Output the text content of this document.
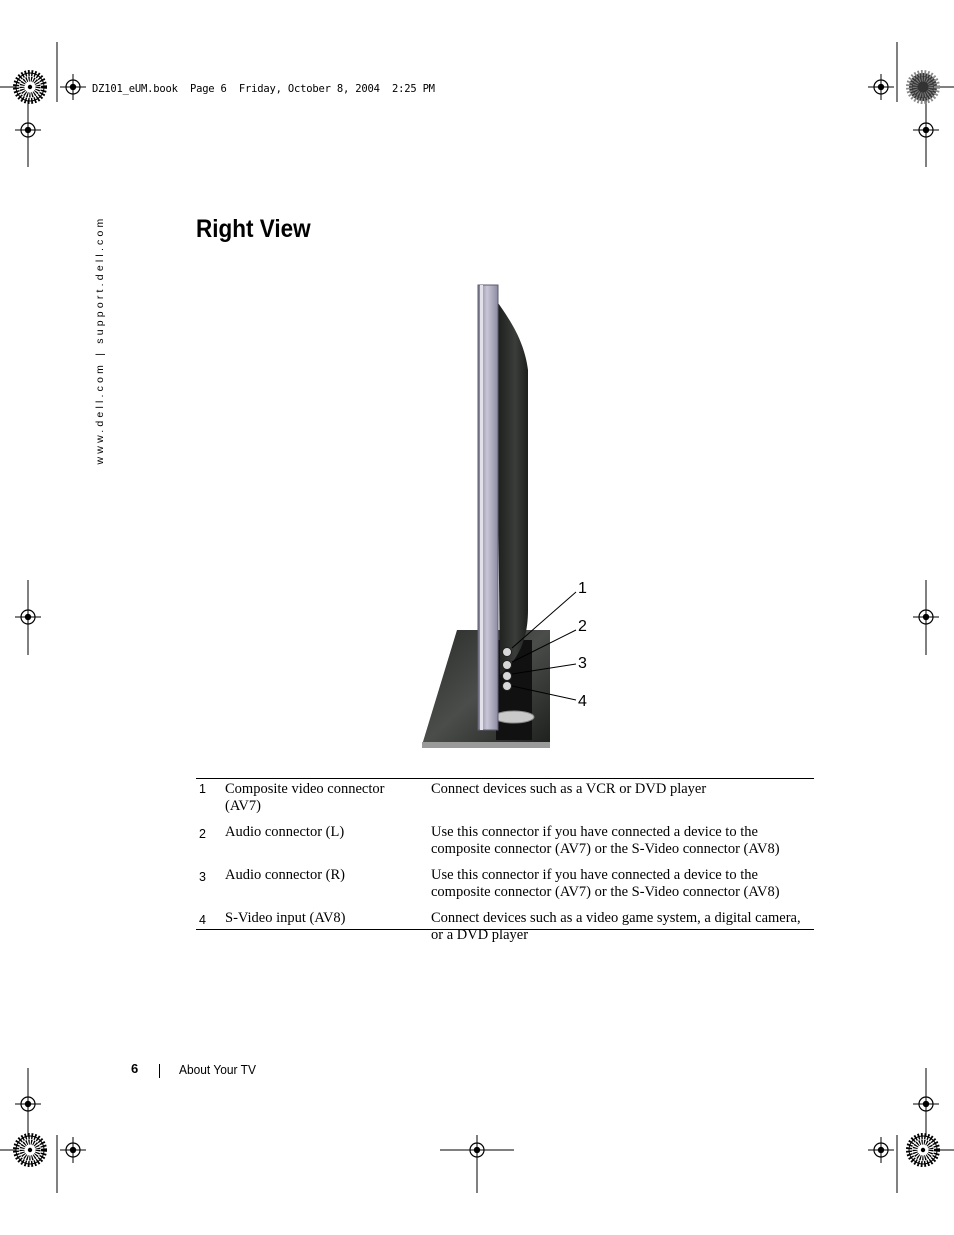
DZ101_eUM.book  Page 6  Friday, October 8, 2004  2:25 PM
www.dell.com | support.dell.com	Right View
1
2
3
4
1	Composite video connector (AV7)	Connect devices such as a VCR or DVD player
2	Audio connector (L)	Use this connector if you have connected a device to the composite connector (AV7) or the S-Video connector (AV8)
3	Audio connector (R)	Use this connector if you have connected a device to the composite connector (AV7) or the S-Video connector (AV8)
4	S-Video input (AV8)	Connect devices such as a video game system, a digital camera, or a DVD player
6	About Your TV
